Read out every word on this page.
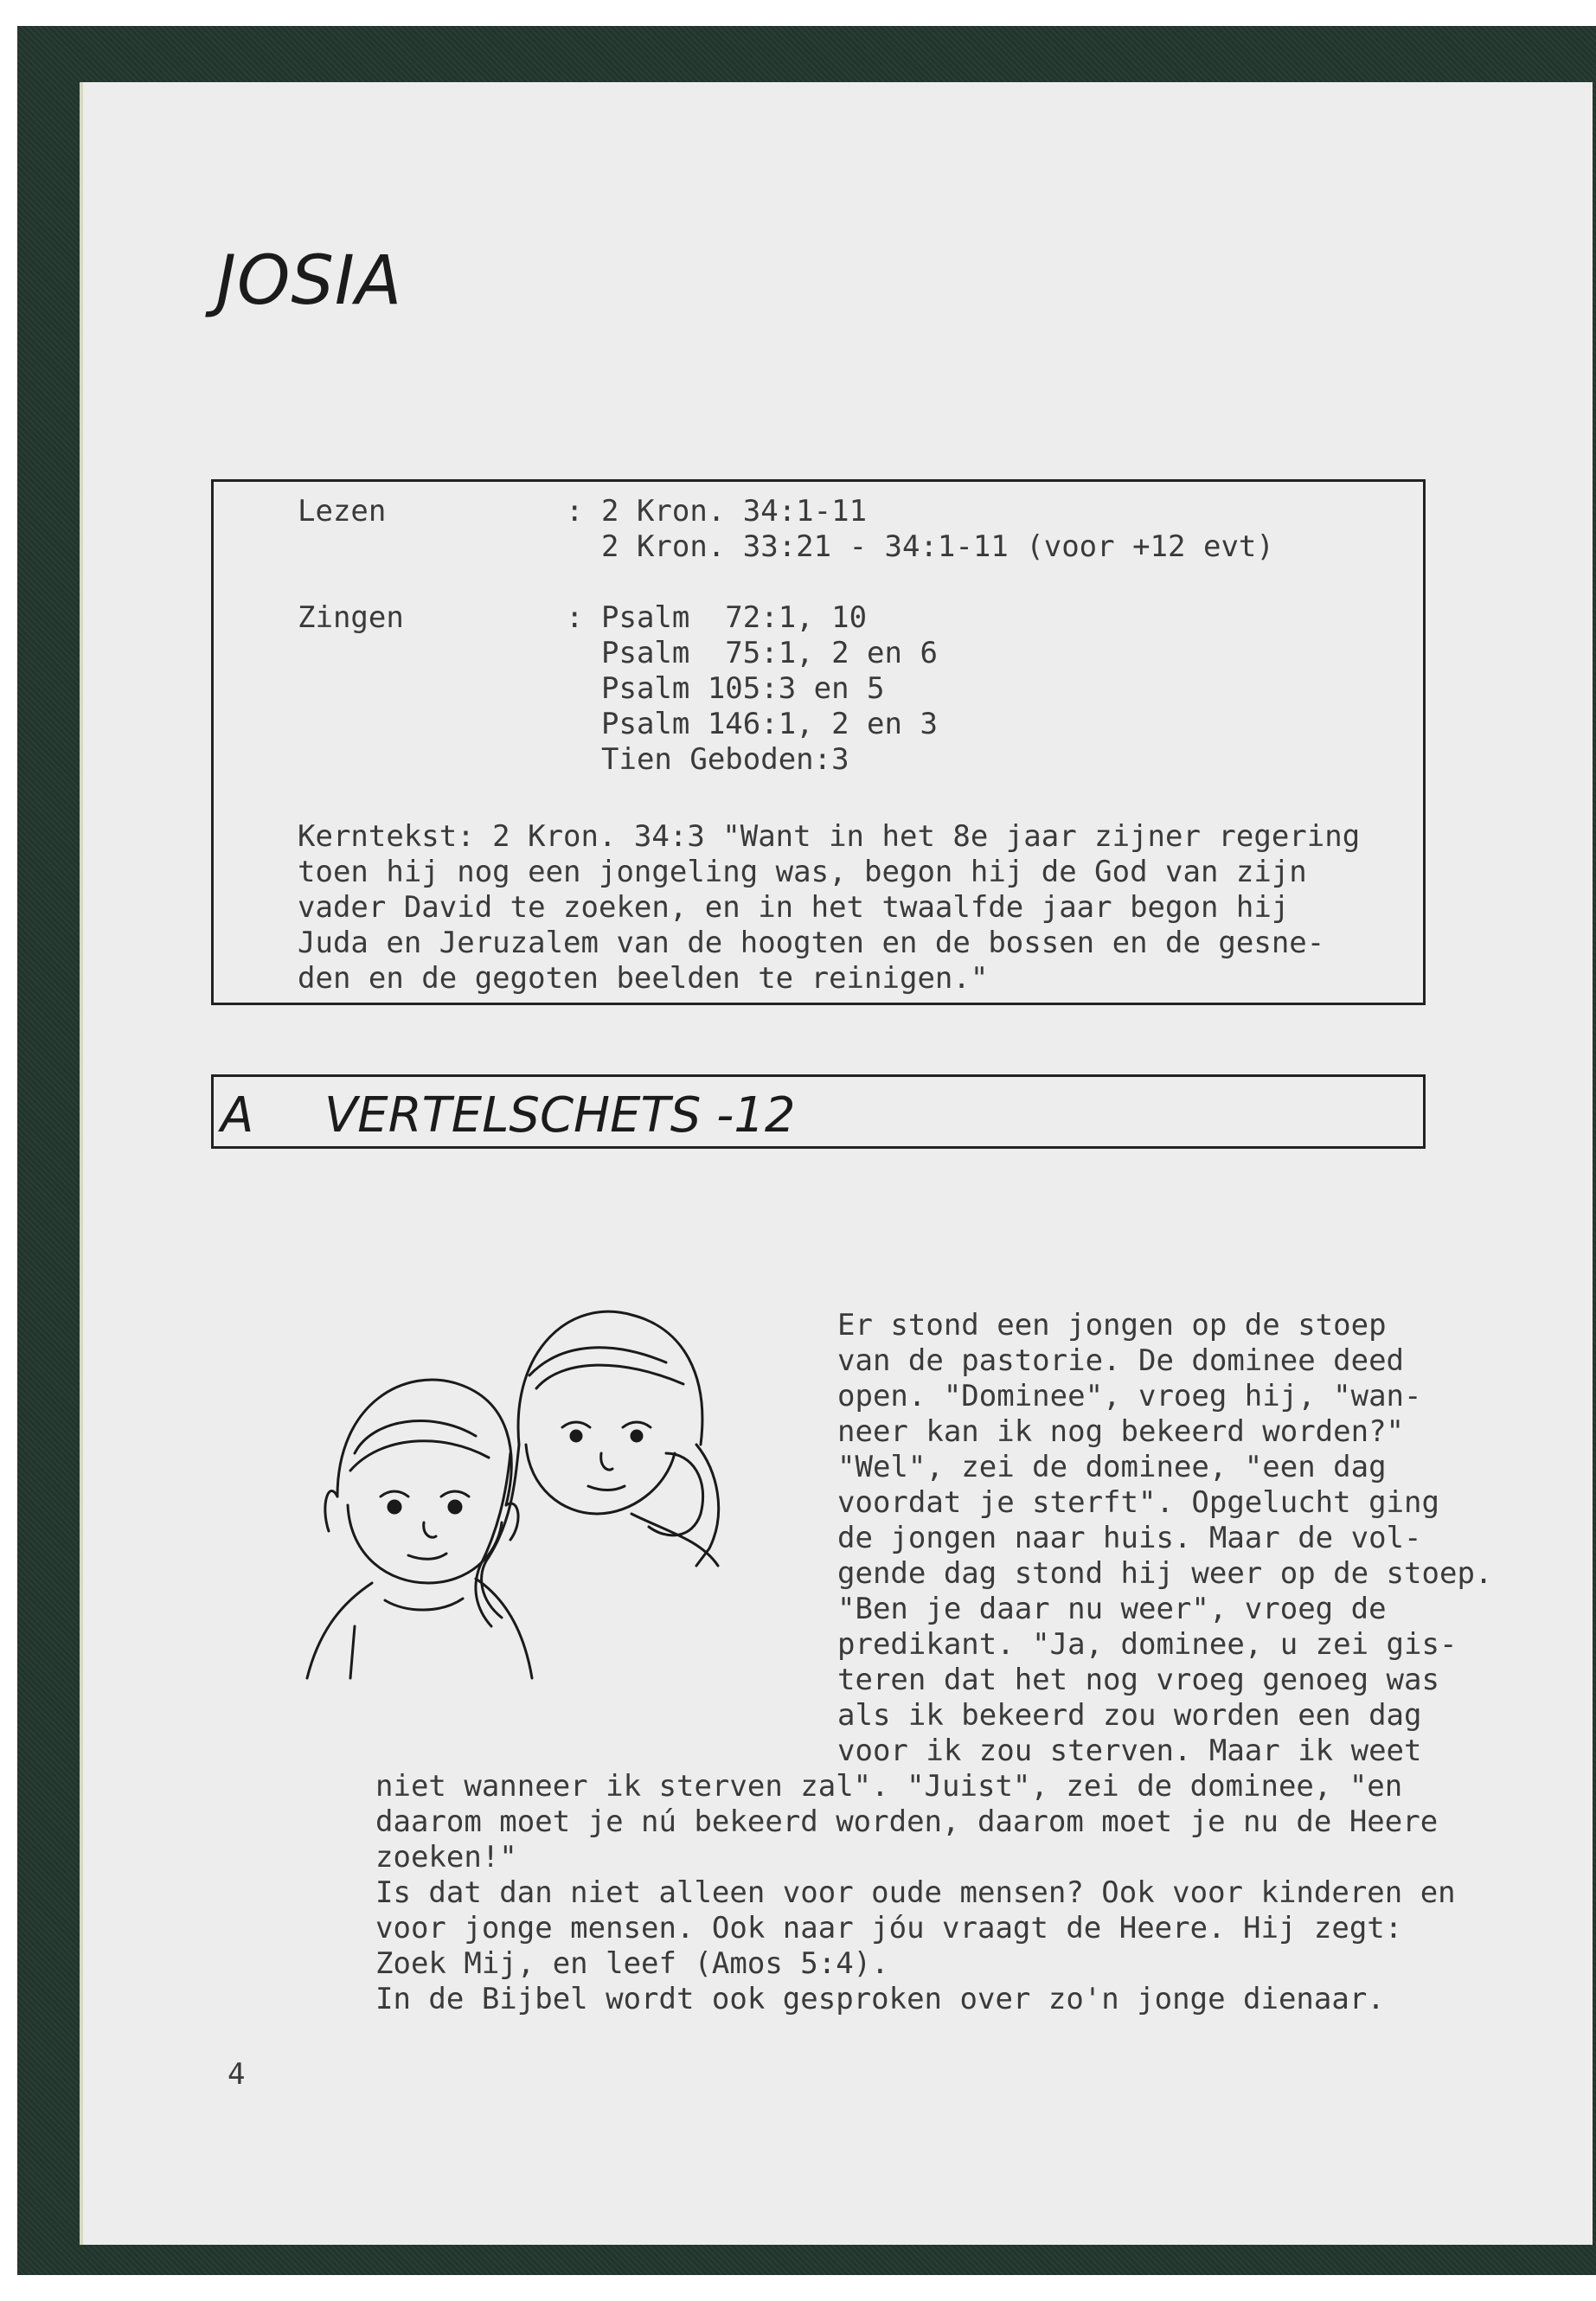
JOSIA
Lezen	: 2 Kron. 34:1-11
2 Kron. 33:21 - 34:1-11 (voor +12 evt)
Zingen	: Psalm  72:1, 10
Psalm  75:1, 2 en 6
Psalm 105:3 en 5
Psalm 146:1, 2 en 3
Tien Geboden:3
Kerntekst: 2 Kron. 34:3 "Want in het 8e jaar zijner regering
toen hij nog een jongeling was, begon hij de God van zijn
vader David te zoeken, en in het twaalfde jaar begon hij
Juda en Jeruzalem van de hoogten en de bossen en de gesne-
den en de gegoten beelden te reinigen."
A VERTELSCHETS -12
Er stond een jongen op de stoep
van de pastorie. De dominee deed
open. "Dominee", vroeg hij, "wan-
neer kan ik nog bekeerd worden?"
"Wel", zei de dominee, "een dag
voordat je sterft". Opgelucht ging
de jongen naar huis. Maar de vol-
gende dag stond hij weer op de stoep.
"Ben je daar nu weer", vroeg de
predikant. "Ja, dominee, u zei gis-
teren dat het nog vroeg genoeg was
als ik bekeerd zou worden een dag
voor ik zou sterven. Maar ik weet
niet wanneer ik sterven zal". "Juist", zei de dominee, "en
daarom moet je nú bekeerd worden, daarom moet je nu de Heere
zoeken!"
Is dat dan niet alleen voor oude mensen? Ook voor kinderen en
voor jonge mensen. Ook naar jóu vraagt de Heere. Hij zegt:
Zoek Mij, en leef (Amos 5:4).
In de Bijbel wordt ook gesproken over zo'n jonge dienaar.
4
